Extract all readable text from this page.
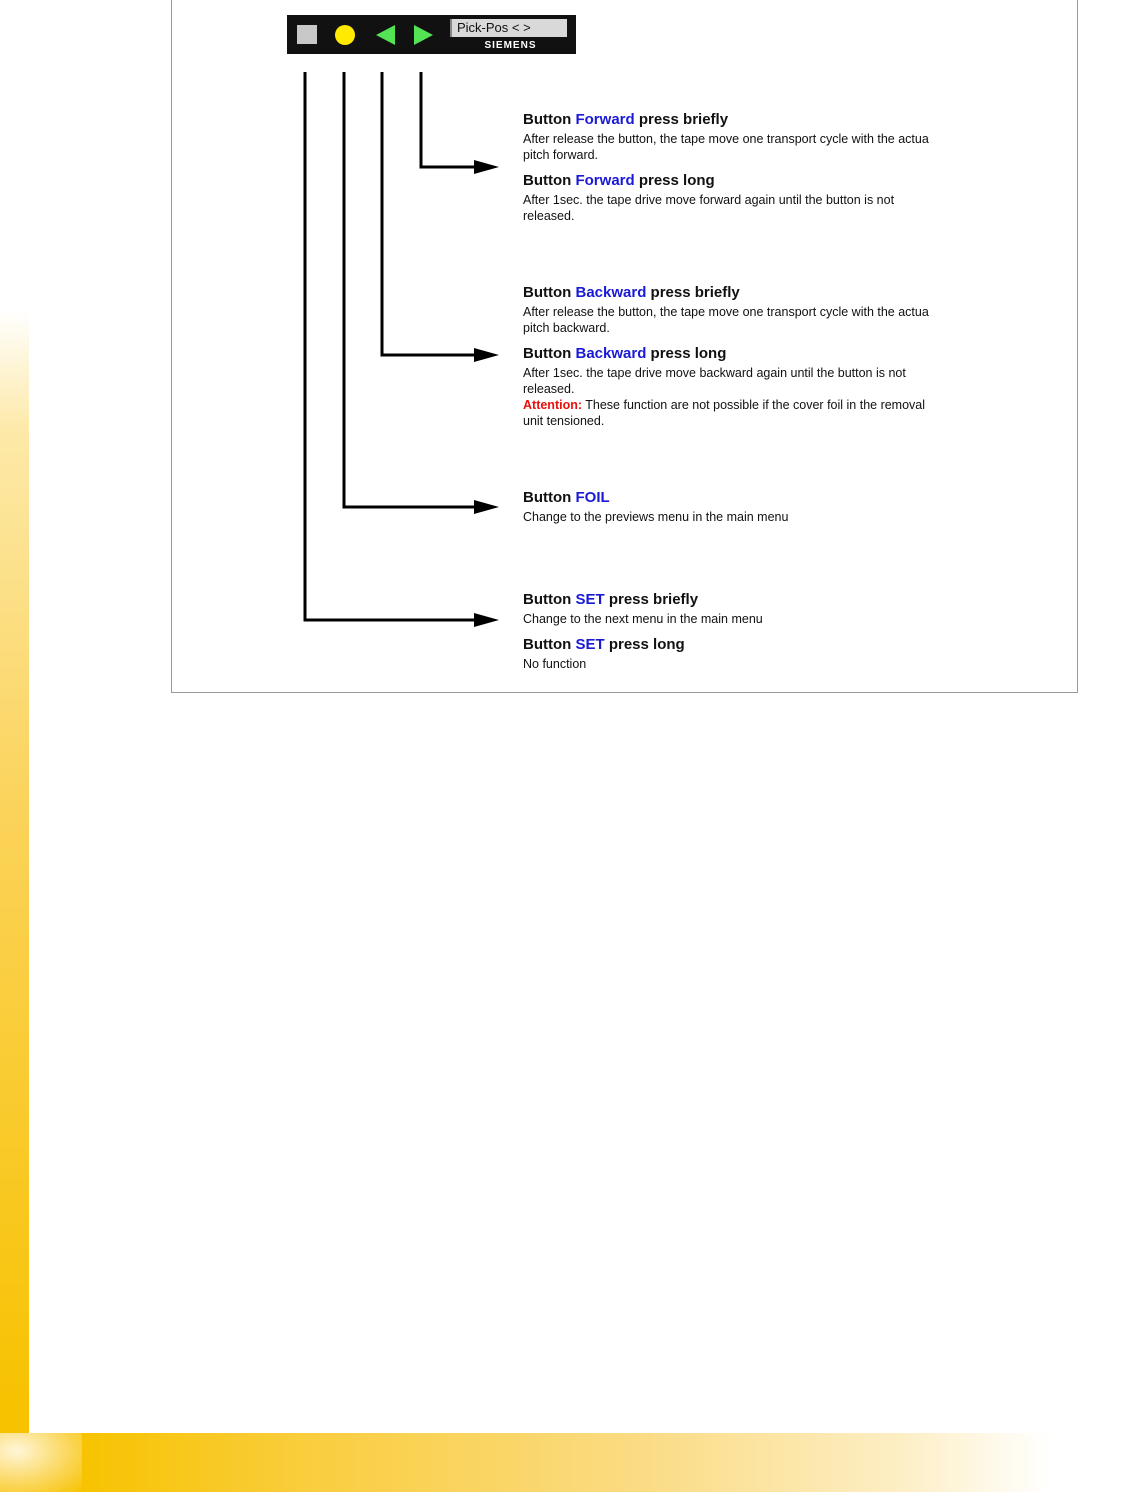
Pick-Pos < >
SIEMENS
Button Forward press briefly
After release the button, the tape move one transport cycle with the actua
pitch forward.
Button Forward press long
After 1sec. the tape drive move forward again until the button is not
released.
Button Backward press briefly
After release the button, the tape move one transport cycle with the actua
pitch backward.
Button Backward press long
After 1sec. the tape drive move backward again until the button is not
released.
Attention: These function are not possible if the cover foil in the removal
unit tensioned.
Button FOIL
Change to the previews menu in the main menu
Button SET press briefly
Change to the next menu in the main menu
Button SET press long
No function
